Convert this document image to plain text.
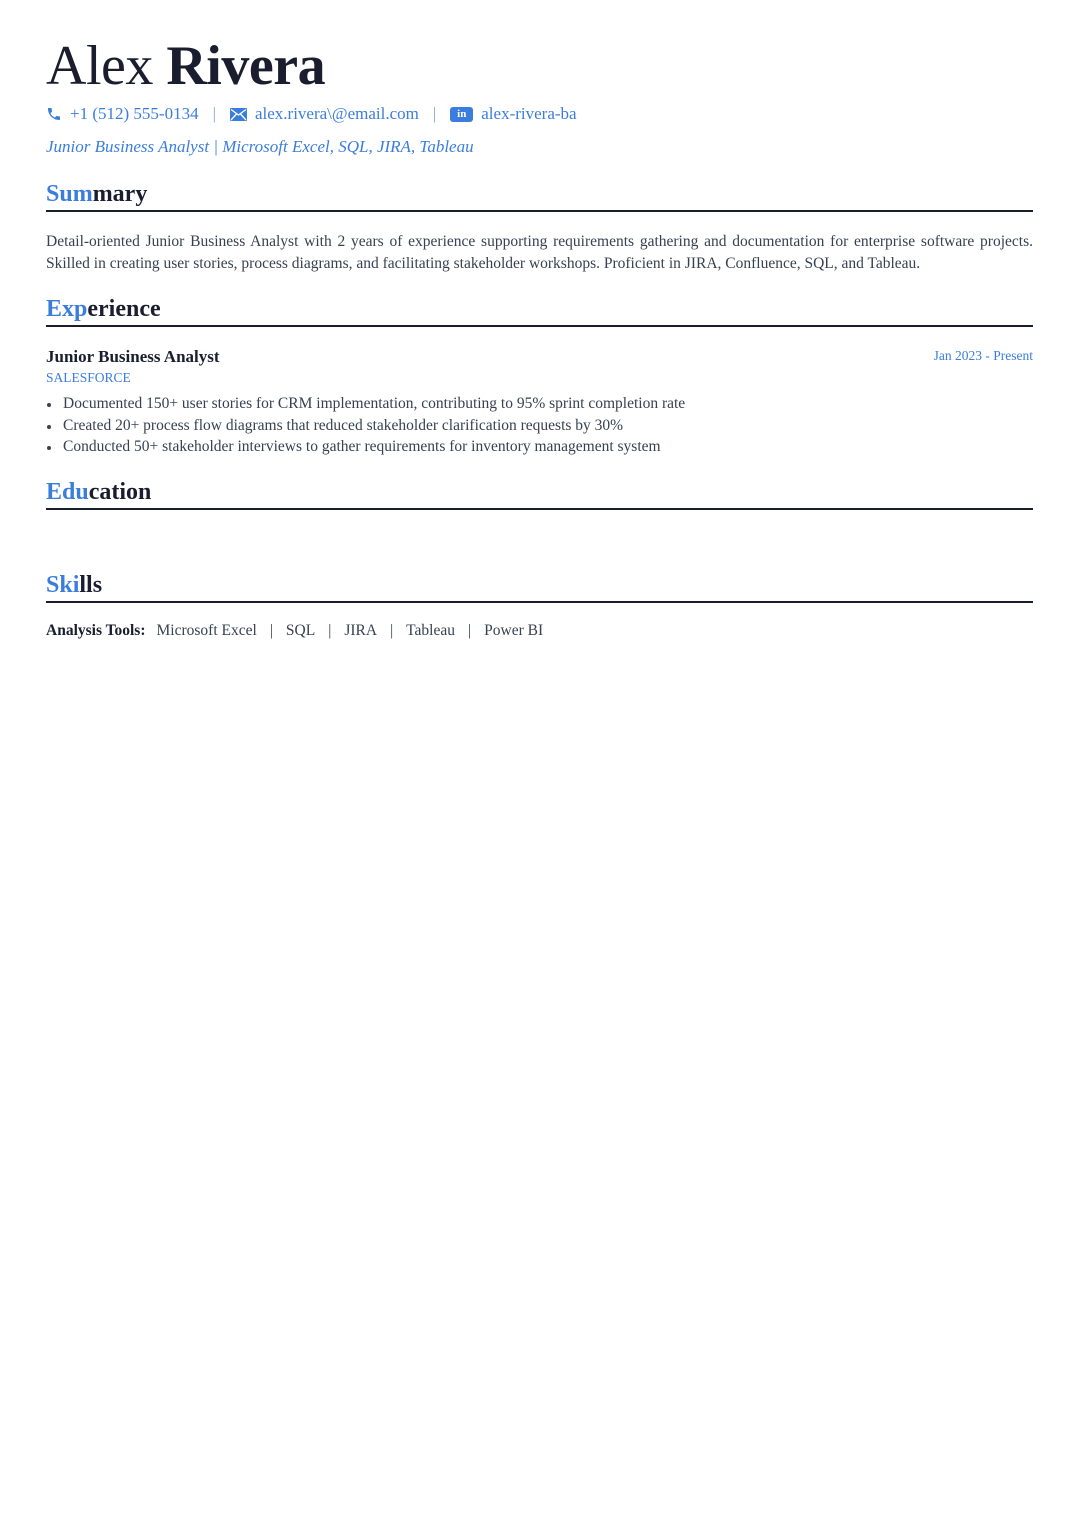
Alex Rivera
+1 (512) 555-0134 | alex.rivera\@email.com |	in alex-rivera-ba
Junior Business Analyst | Microsoft Excel, SQL, JIRA, Tableau
Summary
Detail-oriented Junior Business Analyst with 2 years of experience supporting requirements gathering and documentation for enterprise software projects. Skilled in creating user stories, process diagrams, and facilitating stakeholder workshops. Proficient in JIRA, Confluence, SQL, and Tableau.
Experience
Junior Business Analyst	Jan 2023 - Present
SALESFORCE
Documented 150+ user stories for CRM implementation, contributing to 95% sprint completion rate
Created 20+ process flow diagrams that reduced stakeholder clarification requests by 30%
Conducted 50+ stakeholder interviews to gather requirements for inventory management system
Education
Skills
Analysis Tools: Microsoft Excel | SQL | JIRA | Tableau | Power BI
